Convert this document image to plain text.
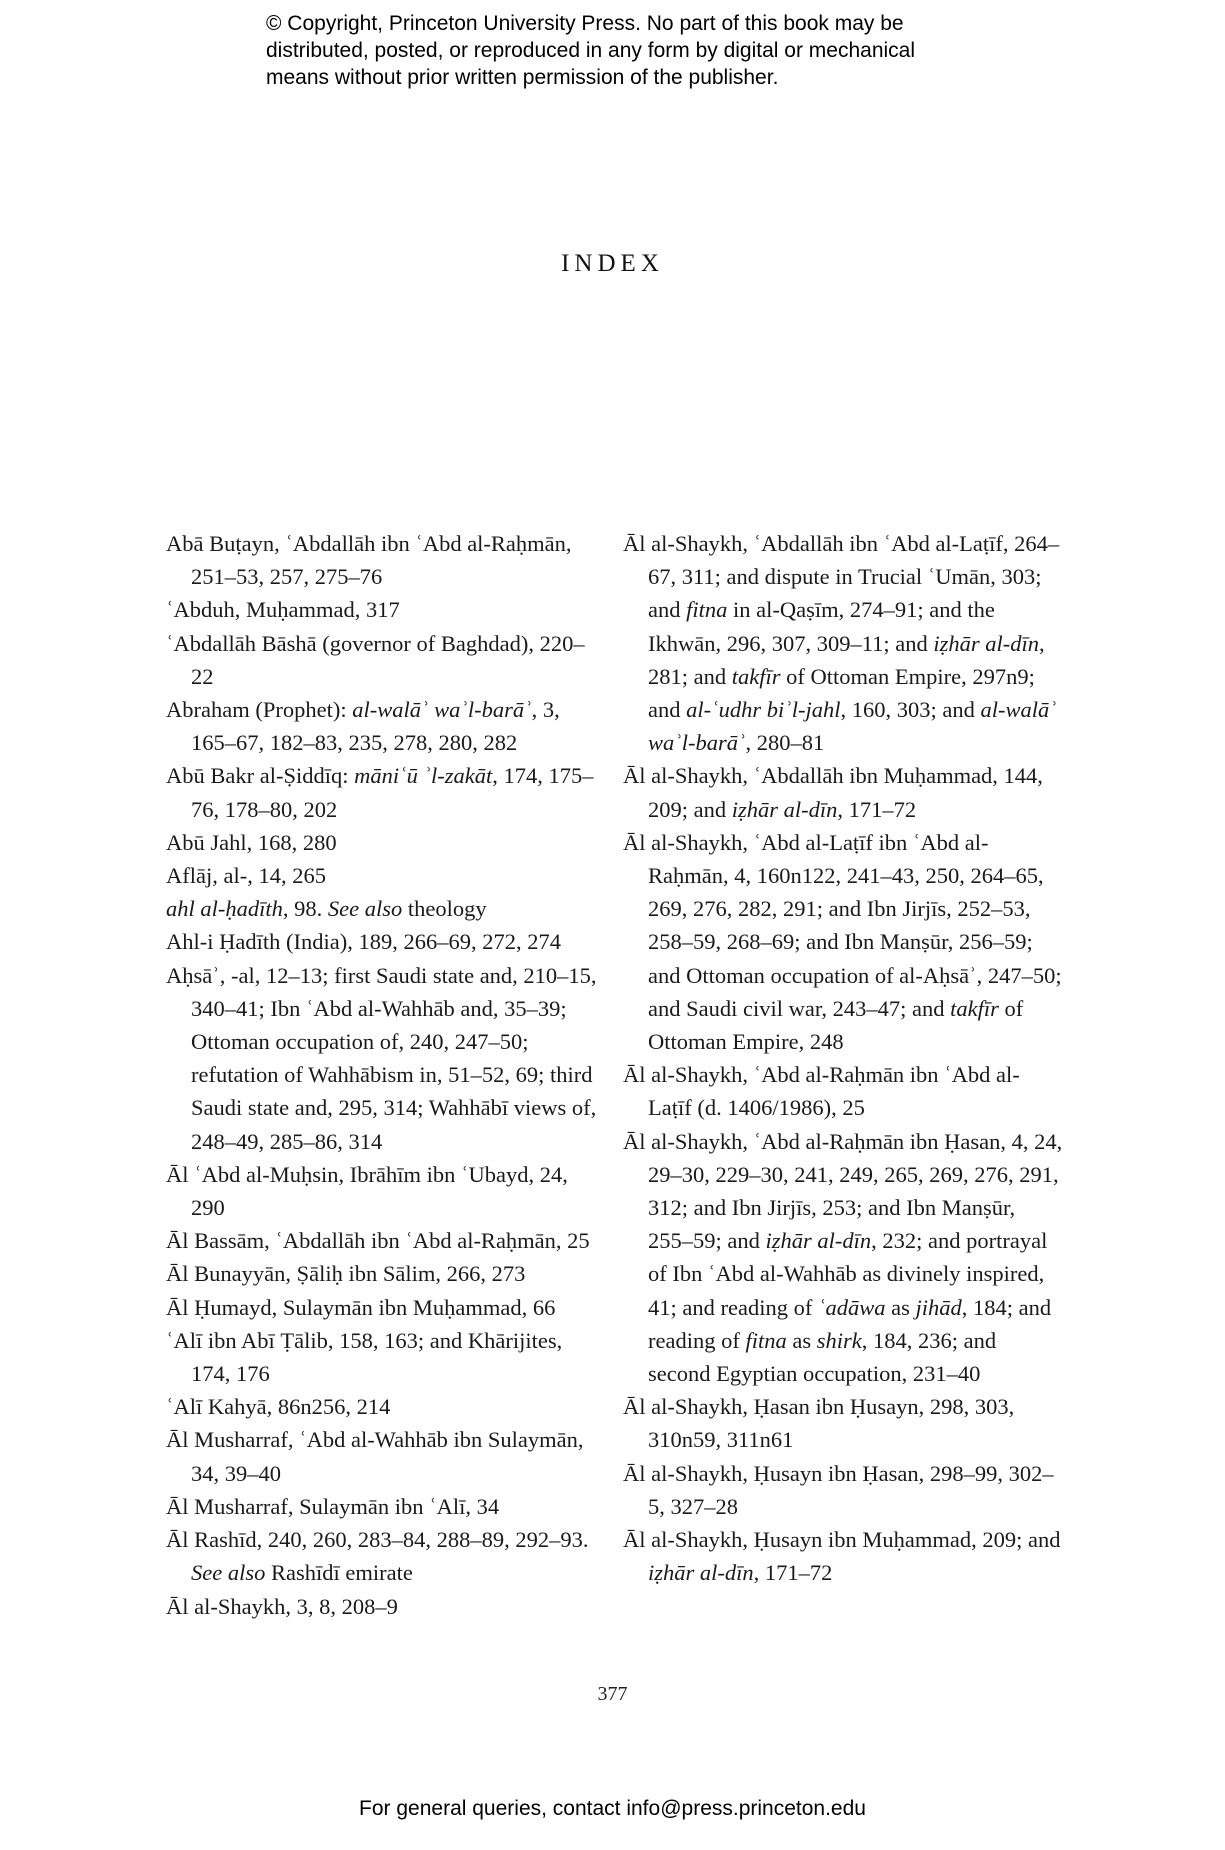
© Copyright, Princeton University Press. No part of this book may be
distributed, posted, or reproduced in any form by digital or mechanical
means without prior written permission of the publisher.
INDEX

Abā Buṭayn, ʿAbdallāh ibn ʿAbd al-Raḥmān, 251–53, 257, 275–76

ʿAbduh, Muḥammad, 317

ʿAbdallāh Bāshā (governor of Baghdad), 220–22

Abraham (Prophet): al-walāʾ waʾl-barāʾ, 3, 165–67, 182–83, 235, 278, 280, 282

Abū Bakr al-Ṣiddīq: māniʿū ʾl-zakāt, 174, 175–76, 178–80, 202

Abū Jahl, 168, 280

Aflāj, al-, 14, 265

ahl al-ḥadīth, 98. See also theology

Ahl-i Ḥadīth (India), 189, 266–69, 272, 274

Aḥsāʾ, -al, 12–13; first Saudi state and, 210–15, 340–41; Ibn ʿAbd al-Wahhāb and, 35–39; Ottoman occupation of, 240, 247–50; refutation of Wahhābism in, 51–52, 69; third Saudi state and, 295, 314; Wahhābī views of, 248–49, 285–86, 314

Āl ʿAbd al-Muḥsin, Ibrāhīm ibn ʿUbayd, 24, 290

Āl Bassām, ʿAbdallāh ibn ʿAbd al-Raḥmān, 25

Āl Bunayyān, Ṣāliḥ ibn Sālim, 266, 273

Āl Ḥumayd, Sulaymān ibn Muḥammad, 66

ʿAlī ibn Abī Ṭālib, 158, 163; and Khārijites, 174, 176

ʿAlī Kahyā, 86n256, 214

Āl Musharraf, ʿAbd al-Wahhāb ibn Sulaymān, 34, 39–40

Āl Musharraf, Sulaymān ibn ʿAlī, 34

Āl Rashīd, 240, 260, 283–84, 288–89, 292–93. See also Rashīdī emirate

Āl al-Shaykh, 3, 8, 208–9

Āl al-Shaykh, ʿAbdallāh ibn ʿAbd al-Laṭīf, 264–67, 311; and dispute in Trucial ʿUmān, 303; and fitna in al-Qaṣīm, 274–91; and the Ikhwān, 296, 307, 309–11; and iẓhār al-dīn, 281; and takfīr of Ottoman Empire, 297n9; and al-ʿudhr biʾl-jahl, 160, 303; and al-walāʾ waʾl-barāʾ, 280–81

Āl al-Shaykh, ʿAbdallāh ibn Muḥammad, 144, 209; and iẓhār al-dīn, 171–72

Āl al-Shaykh, ʿAbd al-Laṭīf ibn ʿAbd al-Raḥmān, 4, 160n122, 241–43, 250, 264–65, 269, 276, 282, 291; and Ibn Jirjīs, 252–53, 258–59, 268–69; and Ibn Manṣūr, 256–59; and Ottoman occupation of al-Aḥsāʾ, 247–50; and Saudi civil war, 243–47; and takfīr of Ottoman Empire, 248

Āl al-Shaykh, ʿAbd al-Raḥmān ibn ʿAbd al-Laṭīf (d. 1406/1986), 25

Āl al-Shaykh, ʿAbd al-Raḥmān ibn Ḥasan, 4, 24, 29–30, 229–30, 241, 249, 265, 269, 276, 291, 312; and Ibn Jirjīs, 253; and Ibn Manṣūr, 255–59; and iẓhār al-dīn, 232; and portrayal of Ibn ʿAbd al-Wahhāb as divinely inspired, 41; and reading of ʿadāwa as jihād, 184; and reading of fitna as shirk, 184, 236; and second Egyptian occupation, 231–40

Āl al-Shaykh, Ḥasan ibn Ḥusayn, 298, 303, 310n59, 311n61

Āl al-Shaykh, Ḥusayn ibn Ḥasan, 298–99, 302–5, 327–28

Āl al-Shaykh, Ḥusayn ibn Muḥammad, 209; and iẓhār al-dīn, 171–72

377
For general queries, contact info@press.princeton.edu
